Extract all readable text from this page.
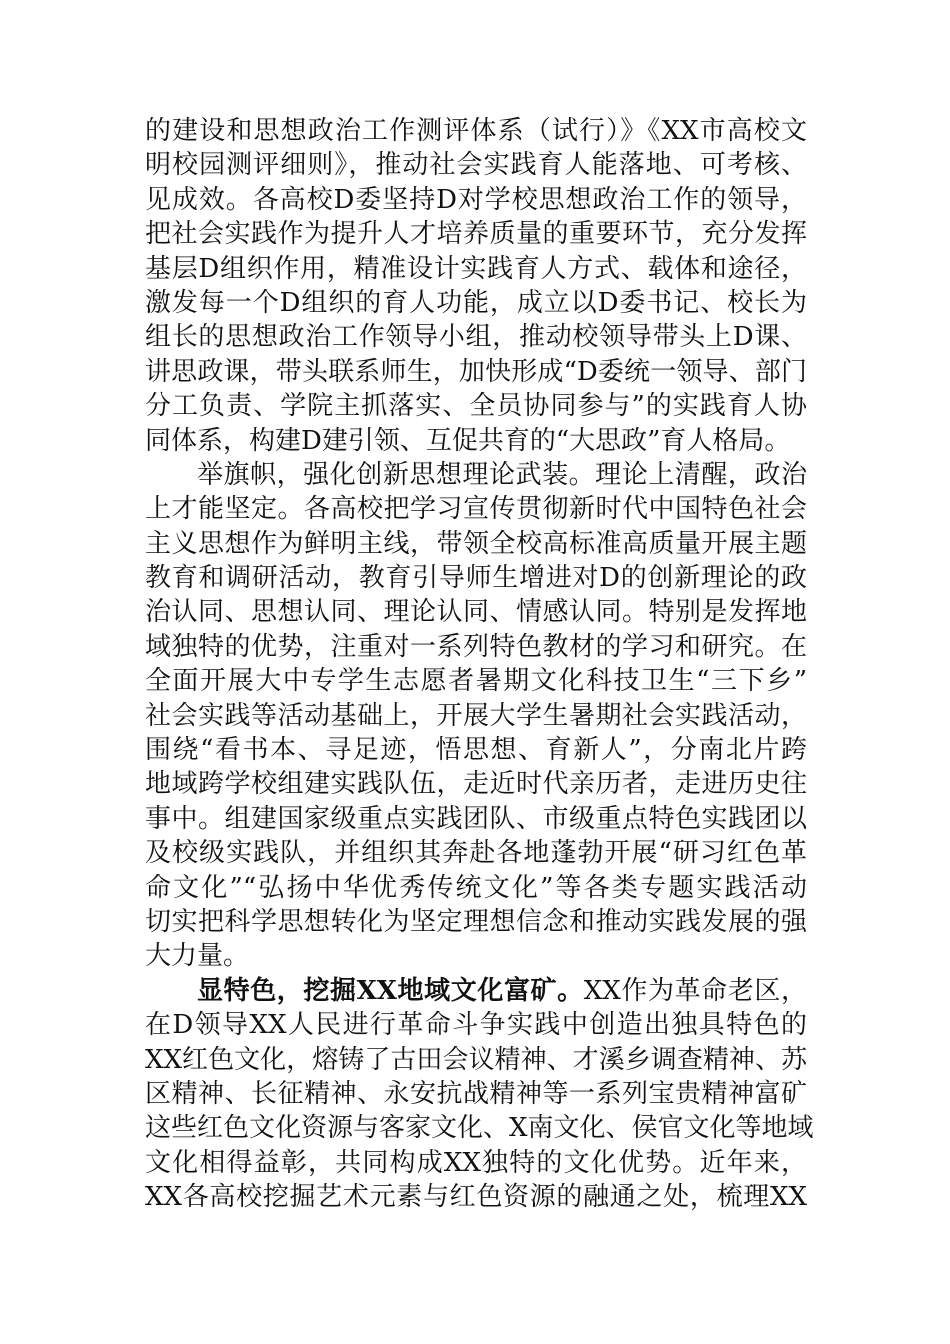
的建设和思想政治工作测评体系（试行）》《XX市高校文
明校园测评细则》，推动社会实践育人能落地、可考核、
见成效。各高校D委坚持D对学校思想政治工作的领导，
把社会实践作为提升人才培养质量的重要环节，充分发挥
基层D组织作用，精准设计实践育人方式、载体和途径，
激发每一个D组织的育人功能，成立以D委书记、校长为
组长的思想政治工作领导小组，推动校领导带头上D课、
讲思政课，带头联系师生，加快形成“D委统一领导、部门
分工负责、学院主抓落实、全员协同参与”的实践育人协
同体系，构建D建引领、互促共育的“大思政”育人格局。
举旗帜，强化创新思想理论武装。理论上清醒，政治
上才能坚定。各高校把学习宣传贯彻新时代中国特色社会
主义思想作为鲜明主线，带领全校高标准高质量开展主题
教育和调研活动，教育引导师生增进对D的创新理论的政
治认同、思想认同、理论认同、情感认同。特别是发挥地
域独特的优势，注重对一系列特色教材的学习和研究。在
全面开展大中专学生志愿者暑期文化科技卫生“三下乡”
社会实践等活动基础上，开展大学生暑期社会实践活动，
围绕“看书本、寻足迹，悟思想、育新人”，分南北片跨
地域跨学校组建实践队伍，走近时代亲历者，走进历史往
事中。组建国家级重点实践团队、市级重点特色实践团以
及校级实践队，并组织其奔赴各地蓬勃开展“研习红色革
命文化”“弘扬中华优秀传统文化”等各类专题实践活动
切实把科学思想转化为坚定理想信念和推动实践发展的强
大力量。
显特色，挖掘XX地域文化富矿。XX作为革命老区，
在D领导XX人民进行革命斗争实践中创造出独具特色的
XX红色文化，熔铸了古田会议精神、才溪乡调查精神、苏
区精神、长征精神、永安抗战精神等一系列宝贵精神富矿
这些红色文化资源与客家文化、X南文化、侯官文化等地域
文化相得益彰，共同构成XX独特的文化优势。近年来，
XX各高校挖掘艺术元素与红色资源的融通之处，梳理XX
